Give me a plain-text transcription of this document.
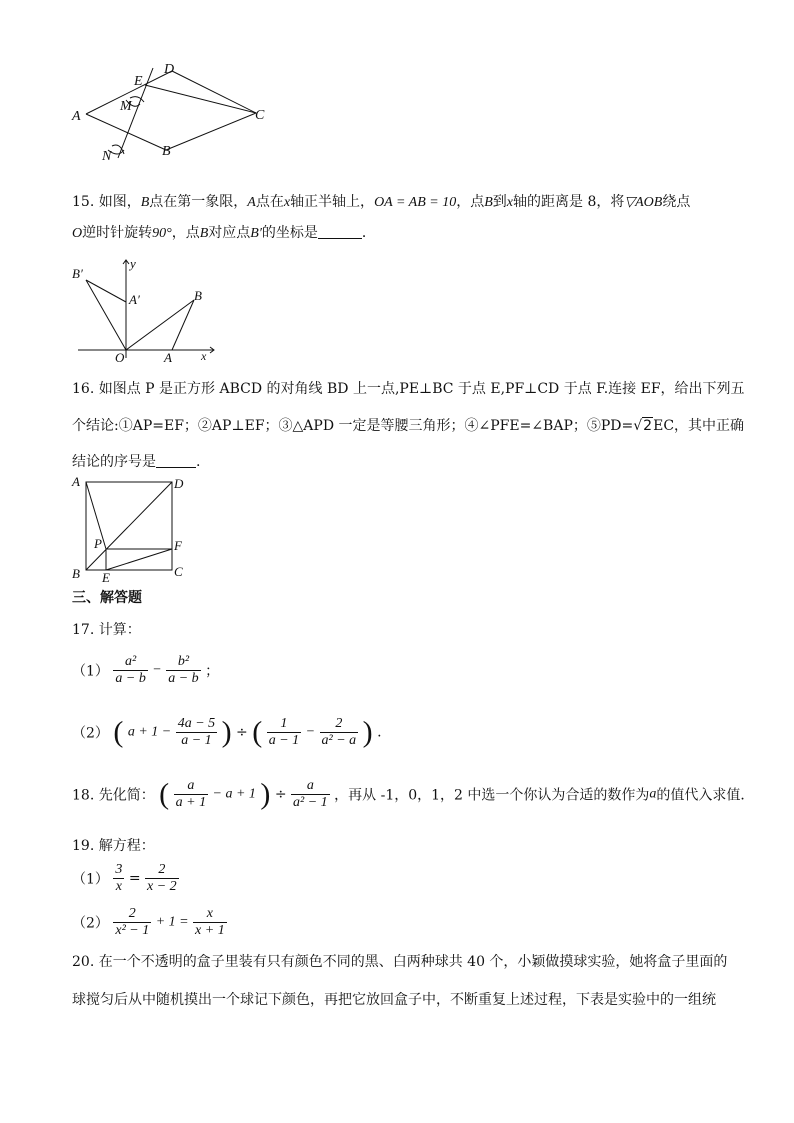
A
B
C
D
E
M
N
15. 如图，B点在第一象限，A点在x轴正半轴上，OA = AB = 10，点B到x轴的距离是 8，将▽AOB绕点
O逆时针旋转90°，点B对应点B′的坐标是	．
B′
y
A′	B
O	A x
16. 如图点 P 是正方形 ABCD 的对角线 BD 上一点,PE⊥BC 于点 E,PF⊥CD 于点 F.连接 EF，给出下列五
个结论:①AP=EF；②AP⊥EF；③△APD 一定是等腰三角形；④∠PFE=∠BAP；⑤PD=√2EC，其中正确
结论的序号是	.
A	D
P	F
B E	C
三、解答题
17. 计算：
$(1) \frac{\text{a²}}{a - b} - \frac{\text{b²}}{a - b}$ ；
（2） ( $a + 1 - \frac{4a - 5}{a - 1}$ ) ÷ ( $\frac{1}{a - 1} - \frac{2}{\text{a² − a}}$ ) .
18. 先化简： ( $\frac{a}{a + 1} - a + 1$ ) ÷ $\frac{a}{\text{a² − 1}}$ ，再从 -1，0，1，2 中选一个你认为合适的数作为a的值代入求值．
19. 解方程：
$(1) \frac{3}{x} = \frac{2}{x - 2}$
$(2) \frac{2}{\text{x² − 1}} + 1 = \frac{x}{x + 1}$
20. 在一个不透明的盒子里装有只有颜色不同的黑、白两种球共 40 个，小颖做摸球实验，她将盒子里面的
球搅匀后从中随机摸出一个球记下颜色，再把它放回盒子中，不断重复上述过程，下表是实验中的一组统
